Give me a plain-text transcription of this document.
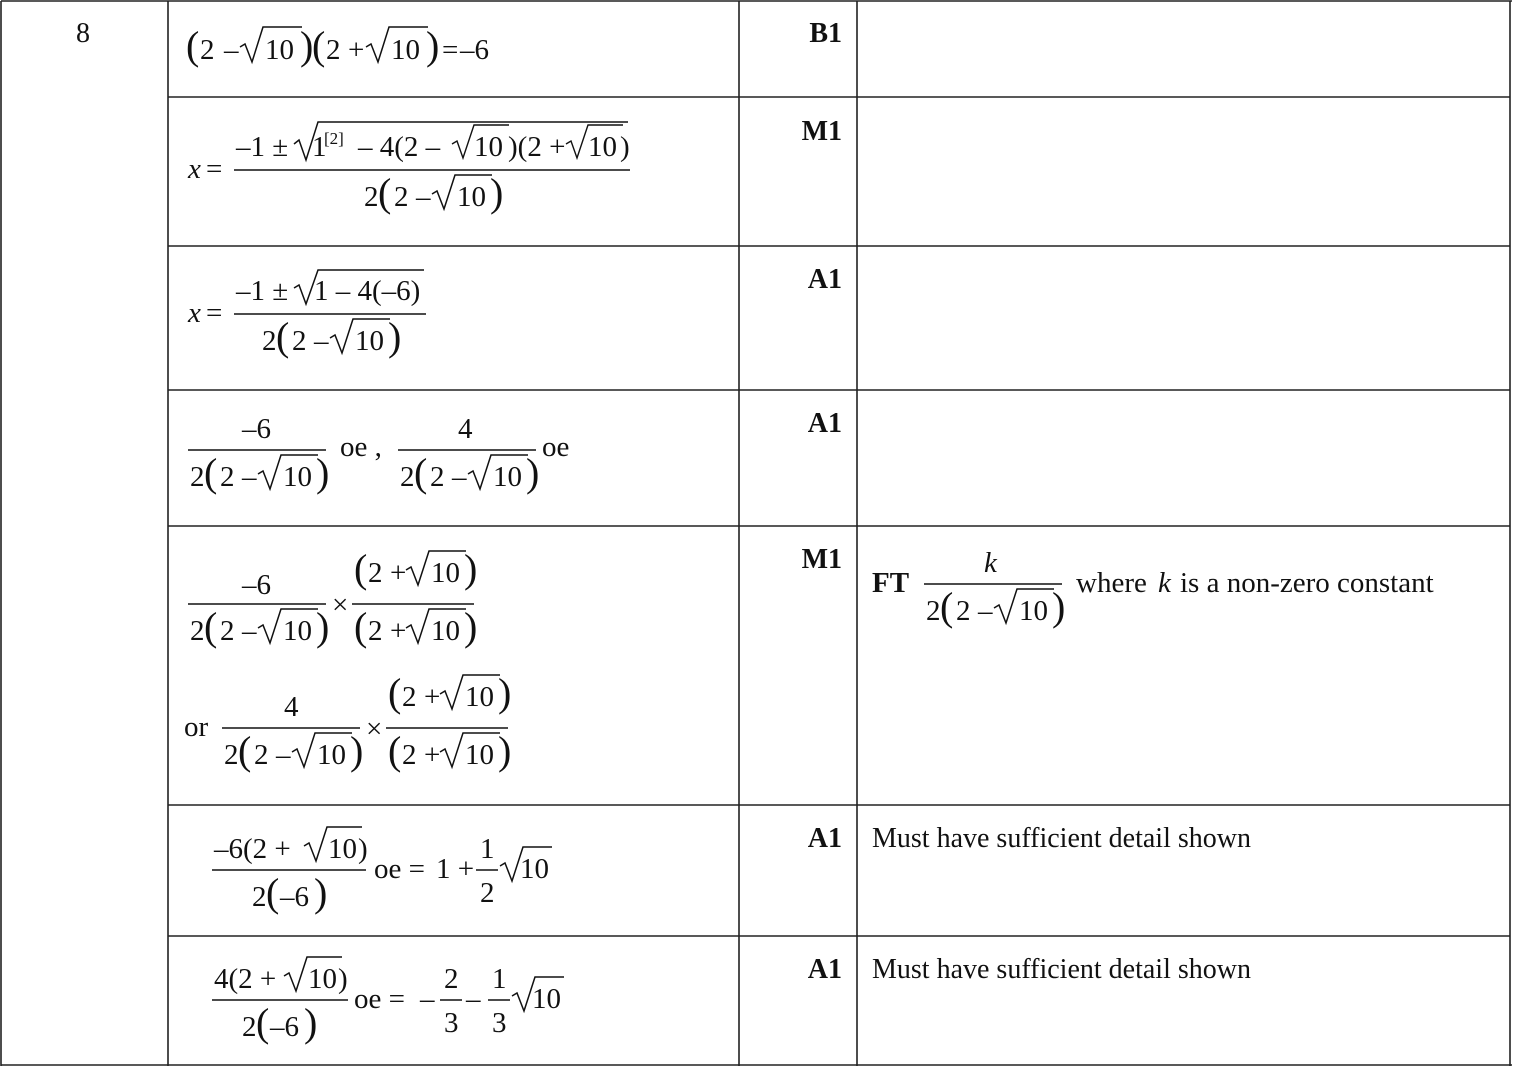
8	B1
M1
A1
A1
M1
A1
A1
Must have sufficient detail shown
Must have sufficient detail shown
( 2 – 10 )
( 2 + 10 ) = –6
x =
–1 ± 1
[2] – 4(2 – 10 )(2 + 10 )
2 ( 2 – 10 )
x =
–1 ± 1 – 4(–6)
2 ( 2 – 10 )
–6
2 ( 2 – 10 )
oe ,
4
2 ( 2 – 10 )
oe
–6
2 ( 2 – 10 ) ×
( 2 + 10 )
( 2 + 10 )
or
4
2 ( 2 – 10 ) ×
( 2 + 10 )
( 2 + 10 )
FT
k
2 ( 2 – 10 )
where k is a non-zero constant
–6(2 + 10 )
2 ( –6 )
oe = 1 +
1
2
10
4(2 + 10 )
2 ( –6 )
oe = –
2
3
–
1
3
10
